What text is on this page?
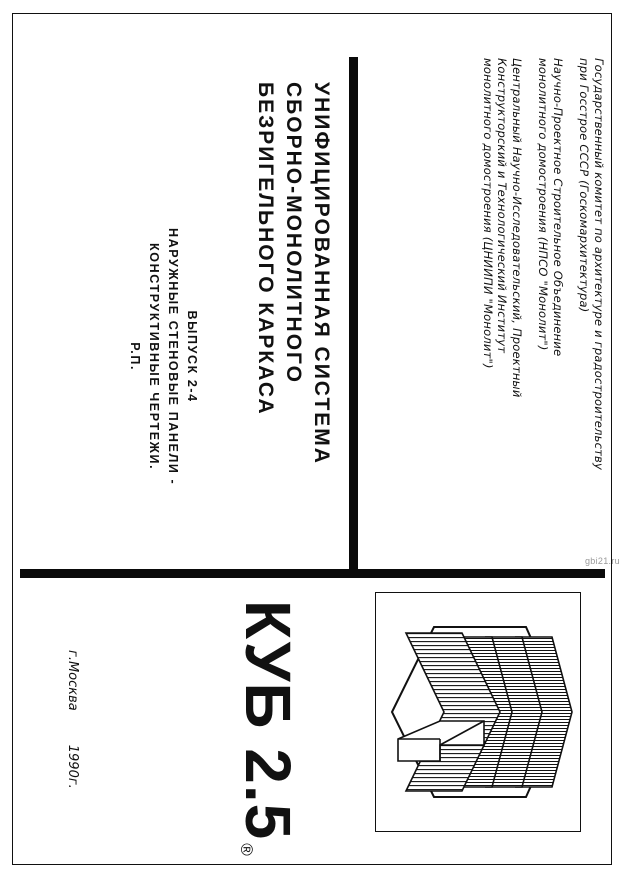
Государственный комитет по архитектуре и градостроительству
при Госстрое СССР (Госкомархитектура)
Научно-Проектное Строительное Объединение
монолитного домостроения (НПСО "Монолит")
Центральный Научно-Исследовательский, Проектный
Конструкторский и Технологический Институт
монолитного домостроения (ЦНИИПИ "Монолит")
УНИФИЦИРОВАННАЯ СИСТЕМА
СБОРНО-МОНОЛИТНОГО
БЕЗРИГЕЛЬНОГО КАРКАСА
ВЫПУСК 2-4
НАРУЖНЫЕ СТЕНОВЫЕ ПАНЕЛИ -
КОНСТРУКТИВНЫЕ ЧЕРТЕЖИ.
Р.П.
КУБ 2.5
®
г.Москва1990г.
gbi21.ru
